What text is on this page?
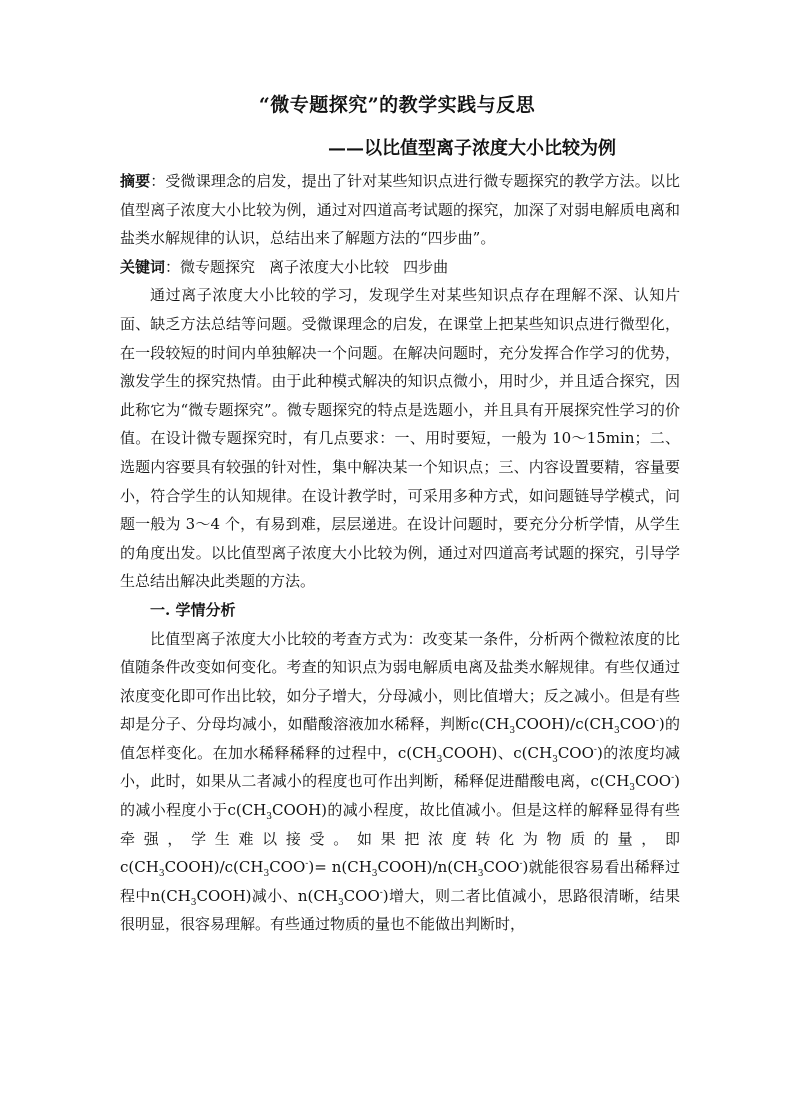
“微专题探究”的教学实践与反思
——以比值型离子浓度大小比较为例

摘要：受微课理念的启发，提出了针对某些知识点进行微专题探究的教学方法。以比值型离子浓度大小比较为例，通过对四道高考试题的探究，加深了对弱电解质电离和盐类水解规律的认识，总结出来了解题方法的“四步曲”。

关键词：微专题探究 离子浓度大小比较 四步曲

通过离子浓度大小比较的学习，发现学生对某些知识点存在理解不深、认知片面、缺乏方法总结等问题。受微课理念的启发，在课堂上把某些知识点进行微型化，在一段较短的时间内单独解决一个问题。在解决问题时，充分发挥合作学习的优势，激发学生的探究热情。由于此种模式解决的知识点微小，用时少，并且适合探究，因此称它为“微专题探究”。微专题探究的特点是选题小，并且具有开展探究性学习的价值。在设计微专题探究时，有几点要求：一、用时要短，一般为 10～15min；二、选题内容要具有较强的针对性，集中解决某一个知识点；三、内容设置要精，容量要小，符合学生的认知规律。在设计教学时，可采用多种方式，如问题链导学模式，问题一般为 3～4 个，有易到难，层层递进。在设计问题时，要充分分析学情，从学生的角度出发。以比值型离子浓度大小比较为例，通过对四道高考试题的探究，引导学生总结出解决此类题的方法。

一. 学情分析

比值型离子浓度大小比较的考查方式为：改变某一条件，分析两个微粒浓度的比值随条件改变如何变化。考查的知识点为弱电解质电离及盐类水解规律。有些仅通过浓度变化即可作出比较，如分子增大，分母减小，则比值增大；反之减小。但是有些却是分子、分母均减小，如醋酸溶液加水稀释，判断$c(CH_3COOH)/c(CH_3COO^-)$的值怎样变化。在加水稀释稀释的过程中，$c(CH_3COOH)$、$c(CH_3COO^-)$的浓度均减小，此时，如果从二者减小的程度也可作出判断，稀释促进醋酸电离，$c(CH_3COO^-)$的减小程度小于$c(CH_3COOH)$的减小程度，故比值减小。但是这样的解释显得有些牵强，学生难以接受。如果把浓度转化为物质的量，即$c(CH_3COOH)/c(CH_3COO^-)=$ $n(CH_3COOH)/n(CH_3COO^-)$就能很容易看出稀释过程中$n(CH_3COOH)$减小、$n(CH_3COO^-)$增大，则二者比值减小，思路很清晰，结果很明显，很容易理解。有些通过物质的量也不能做出判断时，
